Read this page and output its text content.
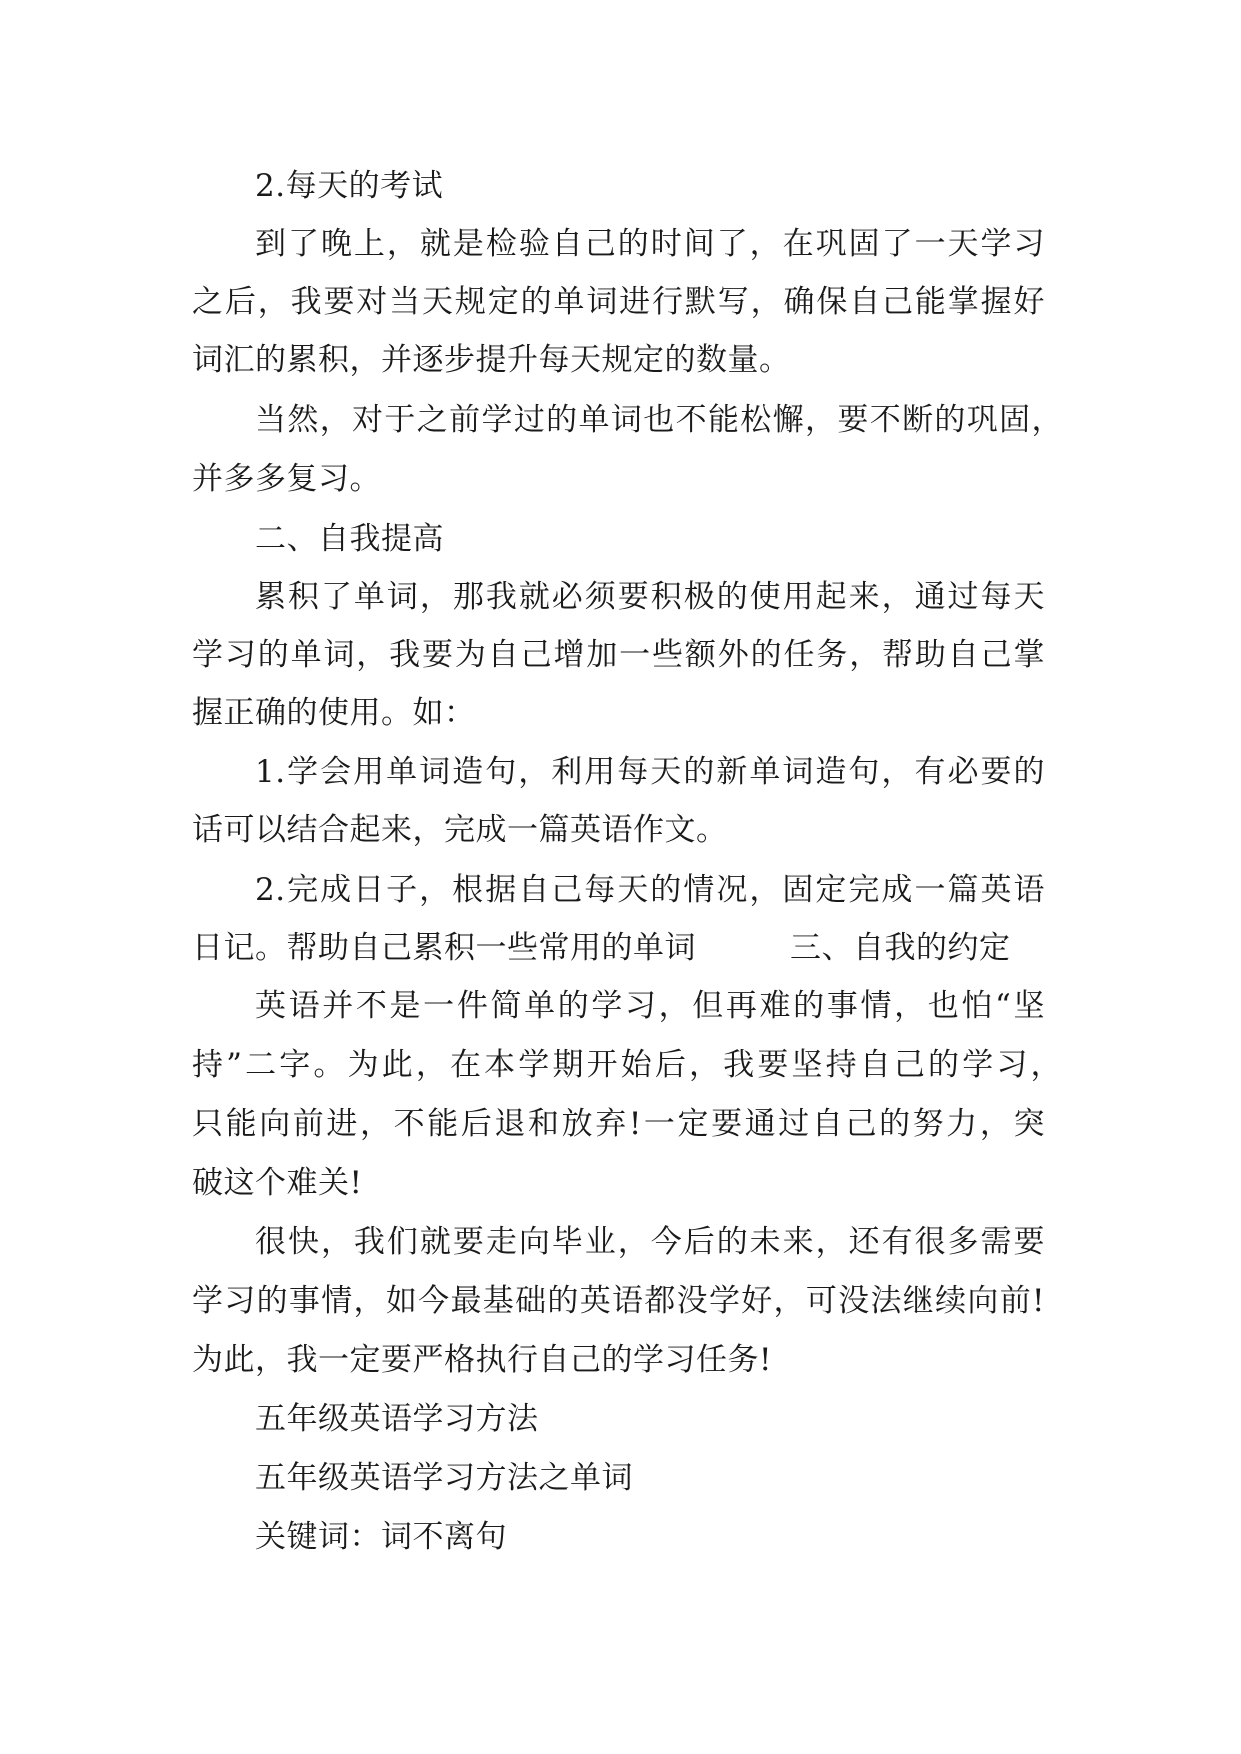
2.每天的考试

到了晚上，就是检验自己的时间了，在巩固了一天学习

之后，我要对当天规定的单词进行默写，确保自己能掌握好

词汇的累积，并逐步提升每天规定的数量。

当然，对于之前学过的单词也不能松懈，要不断的巩固，

并多多复习。

二、自我提高

累积了单词，那我就必须要积极的使用起来，通过每天

学习的单词，我要为自己增加一些额外的任务，帮助自己掌

握正确的使用。如：

1.学会用单词造句，利用每天的新单词造句，有必要的

话可以结合起来，完成一篇英语作文。

2.完成日子，根据自己每天的情况，固定完成一篇英语

日记。帮助自己累积一些常用的单词	三、自我的约定

英语并不是一件简单的学习，但再难的事情，也怕“坚

持”二字。为此，在本学期开始后，我要坚持自己的学习，

只能向前进，不能后退和放弃!一定要通过自己的努力，突

破这个难关!

很快，我们就要走向毕业，今后的未来，还有很多需要

学习的事情，如今最基础的英语都没学好，可没法继续向前!

为此，我一定要严格执行自己的学习任务!

五年级英语学习方法

五年级英语学习方法之单词

关键词：词不离句
